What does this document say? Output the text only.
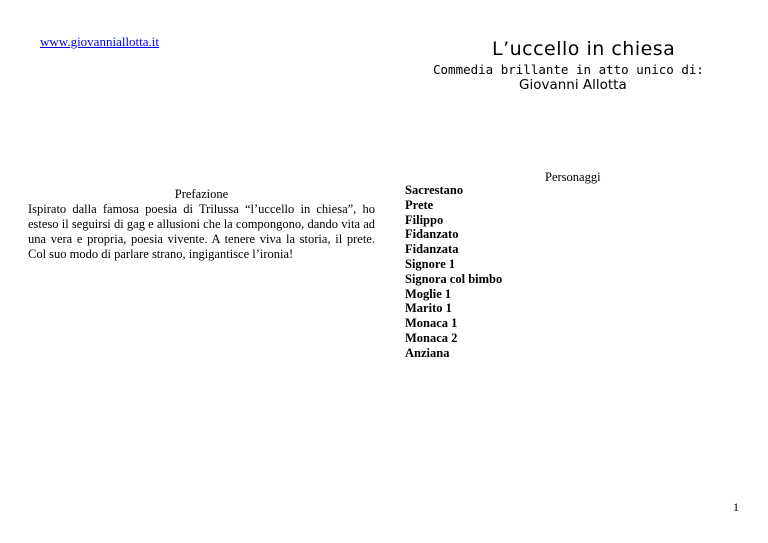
www.giovanniallotta.it	L’uccello in chiesa
Commedia brillante in atto unico di:
Giovanni Allotta

Prefazione

Ispirato dalla famosa poesia di Trilussa “l’uccello in chiesa”, ho esteso il seguirsi di gag e allusioni che la compongono, dando vita ad una vera e propria, poesia vivente. A tenere viva la storia, il prete. Col suo modo di parlare strano, ingigantisce l’ironia!

Personaggi
Sacrestano
Prete
Filippo
Fidanzato
Fidanzata
Signore 1
Signora col bimbo
Moglie 1
Marito 1
Monaca 1
Monaca 2
Anziana
1
